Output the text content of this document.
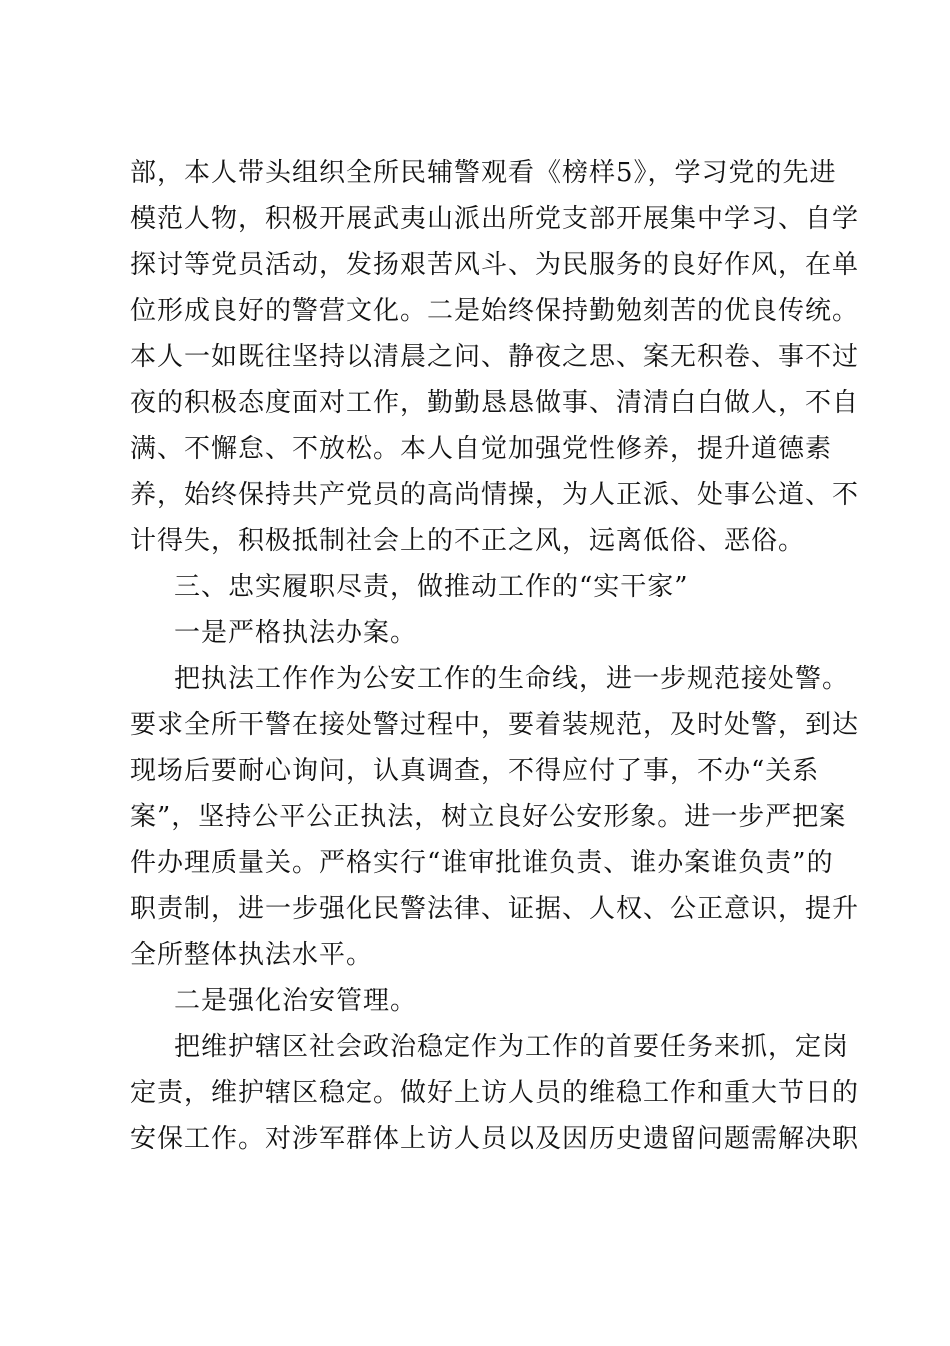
部，本人带头组织全所民辅警观看《榜样5》，学习党的先进
模范人物，积极开展武夷山派出所党支部开展集中学习、自学
探讨等党员活动，发扬艰苦风斗、为民服务的良好作风，在单
位形成良好的警营文化。二是始终保持勤勉刻苦的优良传统。
本人一如既往坚持以清晨之问、静夜之思、案无积卷、事不过
夜的积极态度面对工作，勤勤恳恳做事、清清白白做人，不自
满、不懈怠、不放松。本人自觉加强党性修养，提升道德素
养，始终保持共产党员的高尚情操，为人正派、处事公道、不
计得失，积极抵制社会上的不正之风，远离低俗、恶俗。
三、忠实履职尽责，做推动工作的“实干家”
一是严格执法办案。
把执法工作作为公安工作的生命线，进一步规范接处警。
要求全所干警在接处警过程中，要着装规范，及时处警，到达
现场后要耐心询问，认真调查，不得应付了事，不办“关系
案”，坚持公平公正执法，树立良好公安形象。进一步严把案
件办理质量关。严格实行“谁审批谁负责、谁办案谁负责”的
职责制，进一步强化民警法律、证据、人权、公正意识，提升
全所整体执法水平。
二是强化治安管理。
把维护辖区社会政治稳定作为工作的首要任务来抓，定岗
定责，维护辖区稳定。做好上访人员的维稳工作和重大节日的
安保工作。对涉军群体上访人员以及因历史遗留问题需解决职
